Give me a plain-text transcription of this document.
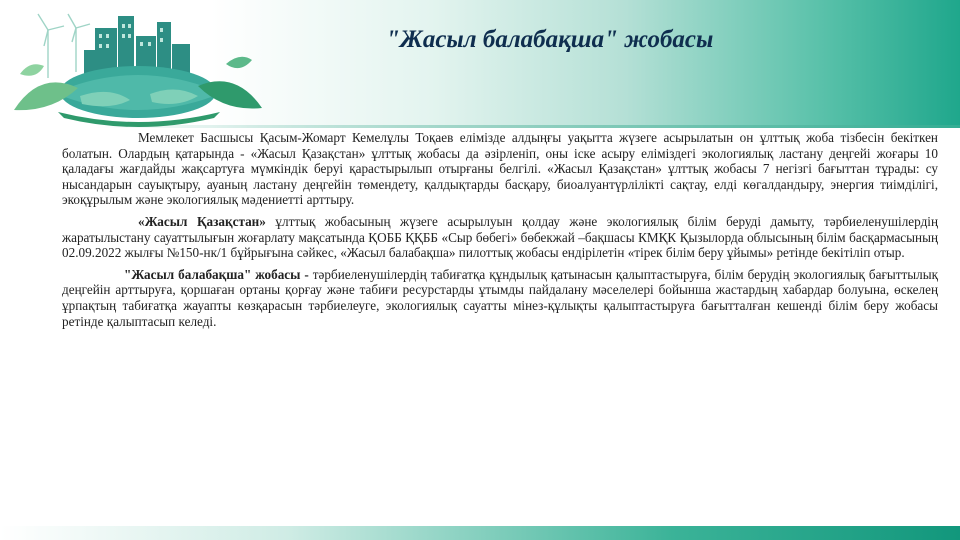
"Жасыл балабақша" жобасы

Мемлекет Басшысы Қасым-Жомарт Кемелұлы Тоқаев елімізде алдыңғы уақытта жүзеге асырылатын он ұлттық жоба тізбесін бекіткен болатын. Олардың қатарында - «Жасыл Қазақстан» ұлттық жобасы да әзірленіп, оны іске асыру еліміздегі экологиялық ластану деңгейі жоғары 10 қаладағы жағдайды жақсартуға мүмкіндік беруі қарастырылып отырғаны белгілі. «Жасыл Қазақстан» ұлттық жобасы 7 негізгі бағыттан тұрады: су нысандарын сауықтыру, ауаның ластану деңгейін төмендету, қалдықтарды басқару, биоалуантүрлілікті сақтау, елді көгалдандыру, энергия тиімділігі, экоқұрылым және экологиялық мәдениетті арттыру.

«Жасыл Қазақстан» ұлттық жобасының жүзеге асырылуын қолдау және экологиялық білім беруді дамыту, тәрбиеленушілердің жаратылыстану сауаттылығын жоғарлату мақсатында ҚОББ ҚҚББ «Сыр бөбегі» бөбекжай –бақшасы КМҚК Қызылорда облысының білім басқармасының 02.09.2022 жылғы №150-нк/1 бұйрығына сәйкес, «Жасыл балабақша» пилоттық жобасы ендірілетін «тірек білім беру ұйымы» ретінде бекітіліп отыр.

"Жасыл балабақша" жобасы - тәрбиеленушілердің табиғатқа құндылық қатынасын қалыптастыруға, білім берудің экологиялық бағыттылық деңгейін арттыруға, қоршаған ортаны қорғау және табиғи ресурстарды ұтымды пайдалану мәселелері бойынша жастардың хабардар болуына, өскелең ұрпақтың табиғатқа жауапты көзқарасын тәрбиелеуге, экологиялық сауатты мінез-құлықты қалыптастыруға бағытталған кешенді білім беру жобасы ретінде қалыптасып келеді.
